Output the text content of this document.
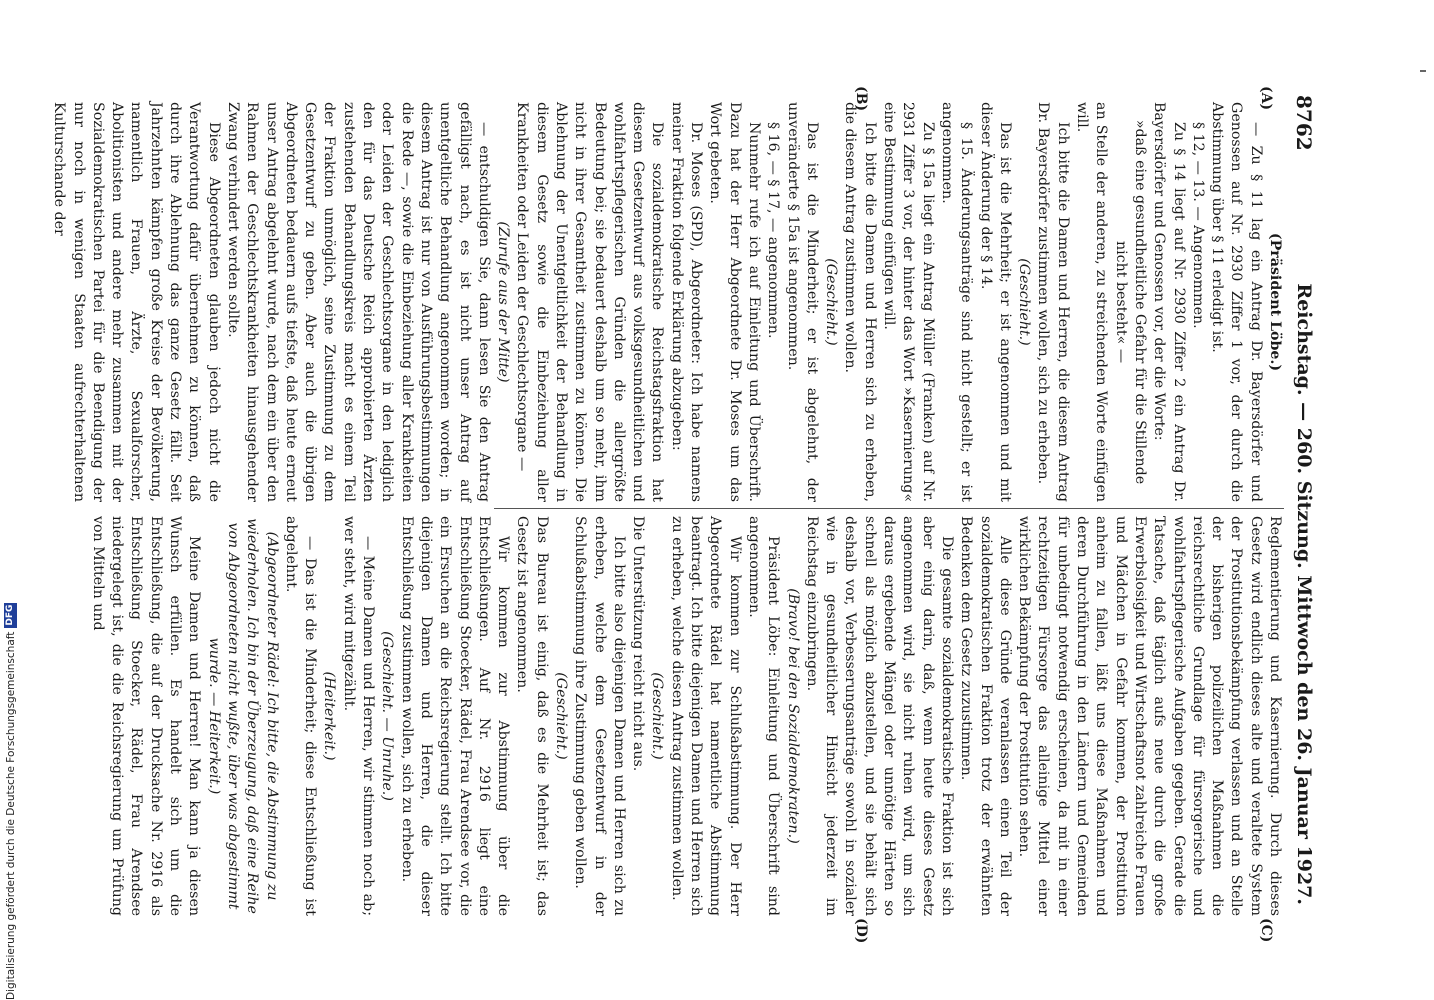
8762
Reichstag. — 260. Sitzung. Mittwoch den 26. Januar 1927.
(A)
(B)
(C)
(D)

(Präsident Löbe.)

— Zu § 11 lag ein Antrag Dr. Bayersdörfer und Genossen auf Nr. 2930 Ziffer 1 vor, der durch die Abstimmung über § 11 erledigt ist.

§ 12, — 13. — Angenommen.

Zu § 14 liegt auf Nr. 2930 Ziffer 2 ein Antrag Dr. Bayersdörfer und Genossen vor, der die Worte:

»daß eine gesundheitliche Gefahr für die Stillende nicht besteht« —

an Stelle der anderen, zu streichenden Worte einfügen will.

Ich bitte die Damen und Herren, die diesem Antrag Dr. Bayersdörfer zustimmen wollen, sich zu erheben.

(Geschieht.)

Das ist die Mehrheit; er ist angenommen und mit dieser Änderung der § 14.

§ 15. Änderungsanträge sind nicht gestellt; er ist angenommen.

Zu § 15a liegt ein Antrag Müller (Franken) auf Nr. 2931 Ziffer 3 vor, der hinter das Wort »Kasernierung« eine Bestimmung einfügen will.

Ich bitte die Damen und Herren sich zu erheben, die diesem Antrag zustimmen wollen.

(Geschieht.)

Das ist die Minderheit; er ist abgelehnt, der unveränderte § 15a ist angenommen.

§ 16, — § 17, — angenommen.

Nunmehr rufe ich auf Einleitung und Überschrift. Dazu hat der Herr Abgeordnete Dr. Moses um das Wort gebeten.

Dr. Moses (SPD), Abgeordneter: Ich habe namens meiner Fraktion folgende Erklärung abzugeben:

Die sozialdemokratische Reichstagsfraktion hat diesem Gesetzentwurf aus volksgesundheitlichen und wohlfahrtspflegerischen Gründen die allergrößte Bedeutung bei; sie bedauert deshalb um so mehr, ihm nicht in ihrer Gesamtheit zustimmen zu können. Die Ablehnung der Unentgeltlichkeit der Behandlung in diesem Gesetz sowie die Einbeziehung aller Krankheiten oder Leiden der Geschlechtsorgane —

(Zurufe aus der Mitte)

— entschuldigen Sie, dann lesen Sie den Antrag gefälligst nach, es ist nicht unser Antrag auf unentgeltliche Behandlung angenommen worden; in diesem Antrag ist nur von Ausführungsbestimmungen die Rede —, sowie die Einbeziehung aller Krankheiten oder Leiden der Geschlechtsorgane in den lediglich den für das Deutsche Reich approbierten Ärzten zustehenden Behandlungskreis macht es einem Teil der Fraktion unmöglich, seine Zustimmung zu dem Gesetzentwurf zu geben. Aber auch die übrigen Abgeordneten bedauern aufs tiefste, daß heute erneut unser Antrag abgelehnt wurde, nach dem ein über den Rahmen der Geschlechtskrankheiten hinausgehender Zwang verhindert werden sollte.

Diese Abgeordneten glauben jedoch nicht die Verantwortung dafür übernehmen zu können, daß durch ihre Ablehnung das ganze Gesetz fällt. Seit Jahrzehnten kämpfen große Kreise der Bevölkerung, namentlich Frauen, Ärzte, Sexualforscher, Abolitionisten und andere mehr zusammen mit der Sozialdemokratischen Partei für die Beendigung der nur noch in wenigen Staaten aufrechterhaltenen Kulturschande der

Reglementierung und Kasernierung. Durch dieses Gesetz wird endlich dieses alte und veraltete System der Prostitutionsbekämpfung verlassen und an Stelle der bisherigen polizeilichen Maßnahmen die reichsrechtliche Grundlage für fürsorgerische und wohlfahrtspflegerische Aufgaben gegeben. Gerade die Tatsache, daß täglich aufs neue durch die große Erwerbslosigkeit und Wirtschaftsnot zahlreiche Frauen und Mädchen in Gefahr kommen, der Prostitution anheim zu fallen, läßt uns diese Maßnahmen und deren Durchführung in den Ländern und Gemeinden für unbedingt notwendig erscheinen, da mit in einer rechtzeitigen Fürsorge das alleinige Mittel einer wirklichen Bekämpfung der Prostitution sehen.

Alle diese Gründe veranlassen einen Teil der sozialdemokratischen Fraktion trotz der erwähnten Bedenken dem Gesetz zuzustimmen.

Die gesamte sozialdemokratische Fraktion ist sich aber einig darin, daß, wenn heute dieses Gesetz angenommen wird, sie nicht ruhen wird, um sich daraus ergebende Mängel oder unnötige Härten so schnell als möglich abzustellen, und sie behält sich deshalb vor, Verbesserungsanträge sowohl in sozialer wie in gesundheitlicher Hinsicht jederzeit im Reichstag einzubringen.

(Bravo! bei den Sozialdemokraten.)

Präsident Löbe: Einleitung und Überschrift sind angenommen.

Wir kommen zur Schlußabstimmung. Der Herr Abgeordnete Rädel hat namentliche Abstimmung beantragt. Ich bitte diejenigen Damen und Herren sich zu erheben, welche diesen Antrag zustimmen wollen.

(Geschieht.)

Die Unterstützung reicht nicht aus.

Ich bitte also diejenigen Damen und Herren sich zu erheben, welche dem Gesetzentwurf in der Schlußabstimmung ihre Zustimmung geben wollen.

(Geschieht.)

Das Bureau ist einig, daß es die Mehrheit ist; das Gesetz ist angenommen.

Wir kommen zur Abstimmung über die Entschließungen. Auf Nr. 2916 liegt eine Entschließung Stoecker, Rädel, Frau Arendsee vor, die ein Ersuchen an die Reichsregierung stellt. Ich bitte diejenigen Damen und Herren, die dieser Entschließung zustimmen wollen, sich zu erheben.

(Geschieht. — Unruhe.)

— Meine Damen und Herren, wir stimmen noch ab; wer steht, wird mitgezählt.

(Heiterkeit.)

— Das ist die Minderheit; diese Entschließung ist abgelehnt.

(Abgeordneter Rädel: Ich bitte, die Abstimmung zu wiederholen. Ich bin der Überzeugung, daß eine Reihe von Abgeordneten nicht wußte, über was abgestimmt wurde. — Heiterkeit.)

Meine Damen und Herren! Man kann ja diesen Wunsch erfüllen. Es handelt sich um die Entschließung, die auf der Drucksache Nr. 2916 als Entschließung Stoecker, Rädel, Frau Arendsee niedergelegt ist, die die Reichsregierung um Prüfung von Mitteln und

Digitalisierung gefördert durch die Deutsche Forschungsgemeinschaft
DFG
